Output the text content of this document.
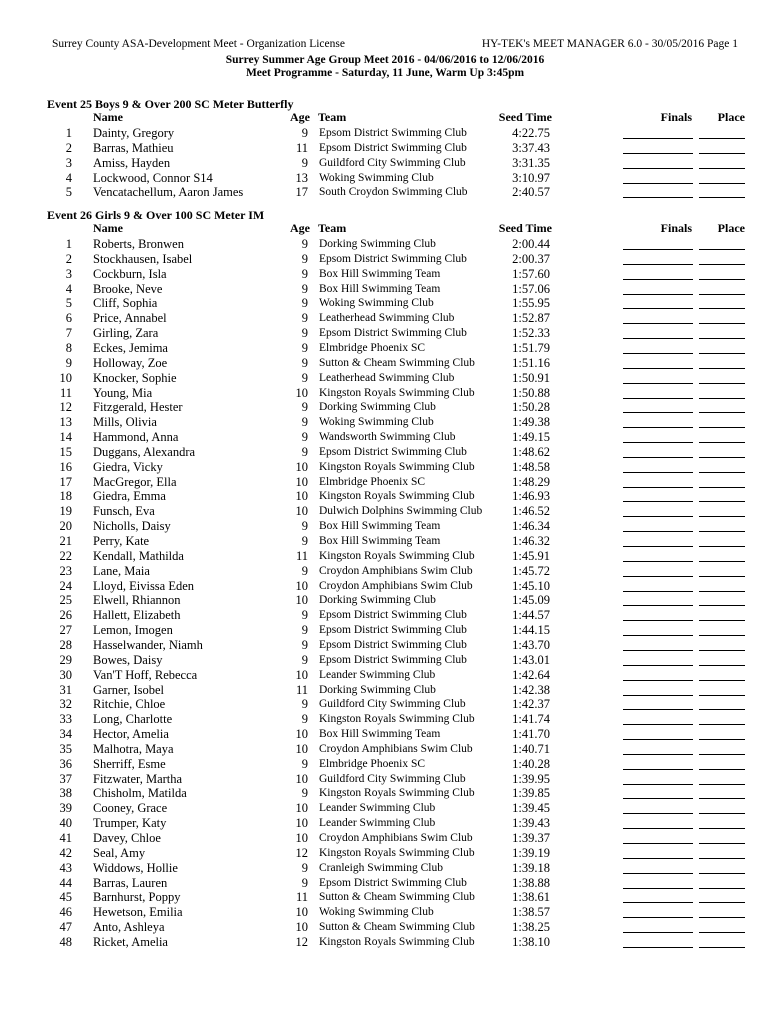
Surrey County ASA-Development Meet - Organization License	HY-TEK's MEET MANAGER 6.0 - 30/05/2016 Page 1
Surrey Summer Age Group Meet 2016 - 04/06/2016 to 12/06/2016
Meet Programme - Saturday, 11 June, Warm Up 3:45pm
Event 25 Boys 9 & Over 200 SC Meter Butterfly
Name	Age Team	Seed Time	Finals Place
1 Dainty, Gregory	9 Epsom District Swimming Club	4:22.75
2 Barras, Mathieu	11 Epsom District Swimming Club	3:37.43
3 Amiss, Hayden	9 Guildford City Swimming Club	3:31.35
4 Lockwood, Connor S14	13 Woking Swimming Club	3:10.97
5 Vencatachellum, Aaron James	17 South Croydon Swimming Club	2:40.57
Event 26 Girls 9 & Over 100 SC Meter IM
Name	Age Team	Seed Time	Finals Place
1 Roberts, Bronwen	9 Dorking Swimming Club	2:00.44
2 Stockhausen, Isabel	9 Epsom District Swimming Club	2:00.37
3 Cockburn, Isla	9 Box Hill Swimming Team	1:57.60
4 Brooke, Neve	9 Box Hill Swimming Team	1:57.06
5 Cliff, Sophia	9 Woking Swimming Club	1:55.95
6 Price, Annabel	9 Leatherhead Swimming Club	1:52.87
7 Girling, Zara	9 Epsom District Swimming Club	1:52.33
8 Eckes, Jemima	9 Elmbridge Phoenix SC	1:51.79
9 Holloway, Zoe	9 Sutton & Cheam Swimming Club	1:51.16
10 Knocker, Sophie	9 Leatherhead Swimming Club	1:50.91
11 Young, Mia	10 Kingston Royals Swimming Club	1:50.88
12 Fitzgerald, Hester	9 Dorking Swimming Club	1:50.28
13 Mills, Olivia	9 Woking Swimming Club	1:49.38
14 Hammond, Anna	9 Wandsworth Swimming Club	1:49.15
15 Duggans, Alexandra	9 Epsom District Swimming Club	1:48.62
16 Giedra, Vicky	10 Kingston Royals Swimming Club	1:48.58
17 MacGregor, Ella	10 Elmbridge Phoenix SC	1:48.29
18 Giedra, Emma	10 Kingston Royals Swimming Club	1:46.93
19 Funsch, Eva	10 Dulwich Dolphins Swimming Club	1:46.52
20 Nicholls, Daisy	9 Box Hill Swimming Team	1:46.34
21 Perry, Kate	9 Box Hill Swimming Team	1:46.32
22 Kendall, Mathilda	11 Kingston Royals Swimming Club	1:45.91
23 Lane, Maia	9 Croydon Amphibians Swim Club	1:45.72
24 Lloyd, Eivissa Eden	10 Croydon Amphibians Swim Club	1:45.10
25 Elwell, Rhiannon	10 Dorking Swimming Club	1:45.09
26 Hallett, Elizabeth	9 Epsom District Swimming Club	1:44.57
27 Lemon, Imogen	9 Epsom District Swimming Club	1:44.15
28 Hasselwander, Niamh	9 Epsom District Swimming Club	1:43.70
29 Bowes, Daisy	9 Epsom District Swimming Club	1:43.01
30 Van'T Hoff, Rebecca	10 Leander Swimming Club	1:42.64
31 Garner, Isobel	11 Dorking Swimming Club	1:42.38
32 Ritchie, Chloe	9 Guildford City Swimming Club	1:42.37
33 Long, Charlotte	9 Kingston Royals Swimming Club	1:41.74
34 Hector, Amelia	10 Box Hill Swimming Team	1:41.70
35 Malhotra, Maya	10 Croydon Amphibians Swim Club	1:40.71
36 Sherriff, Esme	9 Elmbridge Phoenix SC	1:40.28
37 Fitzwater, Martha	10 Guildford City Swimming Club	1:39.95
38 Chisholm, Matilda	9 Kingston Royals Swimming Club	1:39.85
39 Cooney, Grace	10 Leander Swimming Club	1:39.45
40 Trumper, Katy	10 Leander Swimming Club	1:39.43
41 Davey, Chloe	10 Croydon Amphibians Swim Club	1:39.37
42 Seal, Amy	12 Kingston Royals Swimming Club	1:39.19
43 Widdows, Hollie	9 Cranleigh Swimming Club	1:39.18
44 Barras, Lauren	9 Epsom District Swimming Club	1:38.88
45 Barnhurst, Poppy	11 Sutton & Cheam Swimming Club	1:38.61
46 Hewetson, Emilia	10 Woking Swimming Club	1:38.57
47 Anto, Ashleya	10 Sutton & Cheam Swimming Club	1:38.25
48 Ricket, Amelia	12 Kingston Royals Swimming Club	1:38.10
